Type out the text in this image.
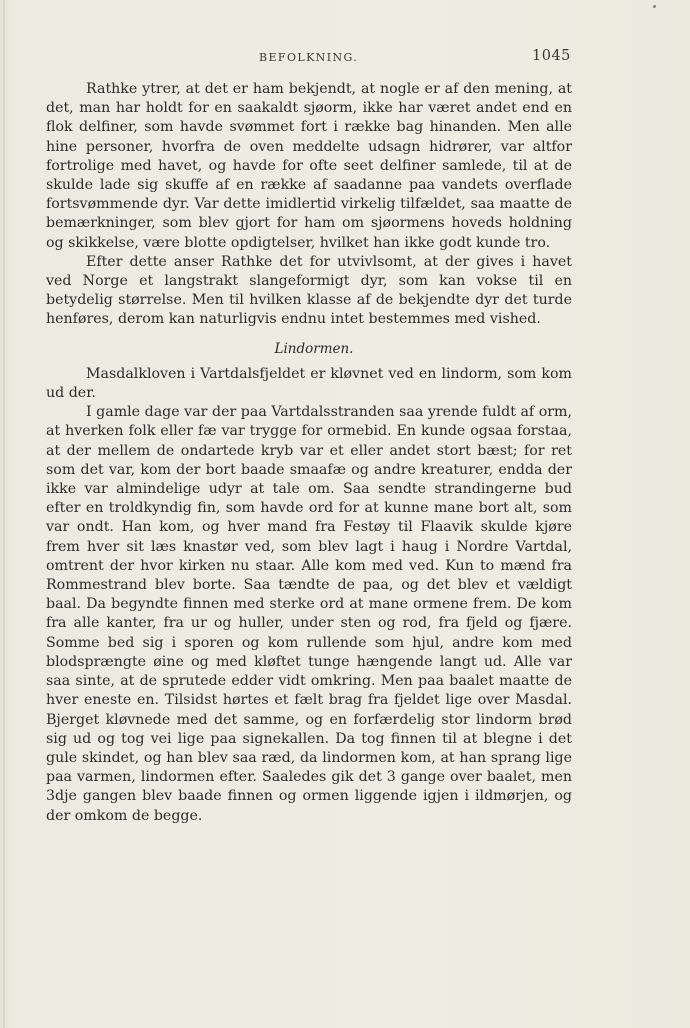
BEFOLKNING.	1045

Rathke ytrer, at det er ham bekjendt, at nogle er af den mening, at det, man har holdt for en saakaldt sjøorm, ikke har været andet end en flok delfiner, som havde svømmet fort i række bag hinanden. Men alle hine personer, hvorfra de oven meddelte udsagn hidrører, var altfor fortrolige med havet, og havde for ofte seet delfiner samlede, til at de skulde lade sig skuffe af en række af saadanne paa vandets overflade fortsvømmende dyr. Var dette imidlertid virkelig tilfældet, saa maatte de bemærkninger, som blev gjort for ham om sjøormens hoveds holdning og skikkelse, være blotte opdigtelser, hvilket han ikke godt kunde tro.

Efter dette anser Rathke det for utvivlsomt, at der gives i havet ved Norge et langstrakt slangeformigt dyr, som kan vokse til en betydelig størrelse. Men til hvilken klasse af de bekjendte dyr det turde henføres, derom kan naturligvis endnu intet bestemmes med vished.

Lindormen.

Masdalkloven i Vartdalsfjeldet er kløvnet ved en lindorm, som kom ud der.

I gamle dage var der paa Vartdalsstranden saa yrende fuldt af orm, at hverken folk eller fæ var trygge for ormebid. En kunde ogsaa forstaa, at der mellem de ondartede kryb var et eller andet stort bæst; for ret som det var, kom der bort baade smaafæ og andre kreaturer, endda der ikke var almindelige udyr at tale om. Saa sendte strandingerne bud efter en troldkyndig fin, som havde ord for at kunne mane bort alt, som var ondt. Han kom, og hver mand fra Festøy til Flaavik skulde kjøre frem hver sit læs knastør ved, som blev lagt i haug i Nordre Vartdal, omtrent der hvor kirken nu staar. Alle kom med ved. Kun to mænd fra Rommestrand blev borte. Saa tændte de paa, og det blev et vældigt baal. Da begyndte finnen med sterke ord at mane ormene frem. De kom fra alle kanter, fra ur og huller, under sten og rod, fra fjeld og fjære. Somme bed sig i sporen og kom rullende som hjul, andre kom med blodsprængte øine og med kløftet tunge hængende langt ud. Alle var saa sinte, at de sprutede edder vidt omkring. Men paa baalet maatte de hver eneste en. Tilsidst hørtes et fælt brag fra fjeldet lige over Masdal. Bjerget kløvnede med det samme, og en forfærdelig stor lindorm brød sig ud og tog vei lige paa signekallen. Da tog finnen til at blegne i det gule skindet, og han blev saa ræd, da lindormen kom, at han sprang lige paa varmen, lindormen efter. Saaledes gik det 3 gange over baalet, men 3dje gangen blev baade finnen og ormen liggende igjen i ildmørjen, og der omkom de begge.
